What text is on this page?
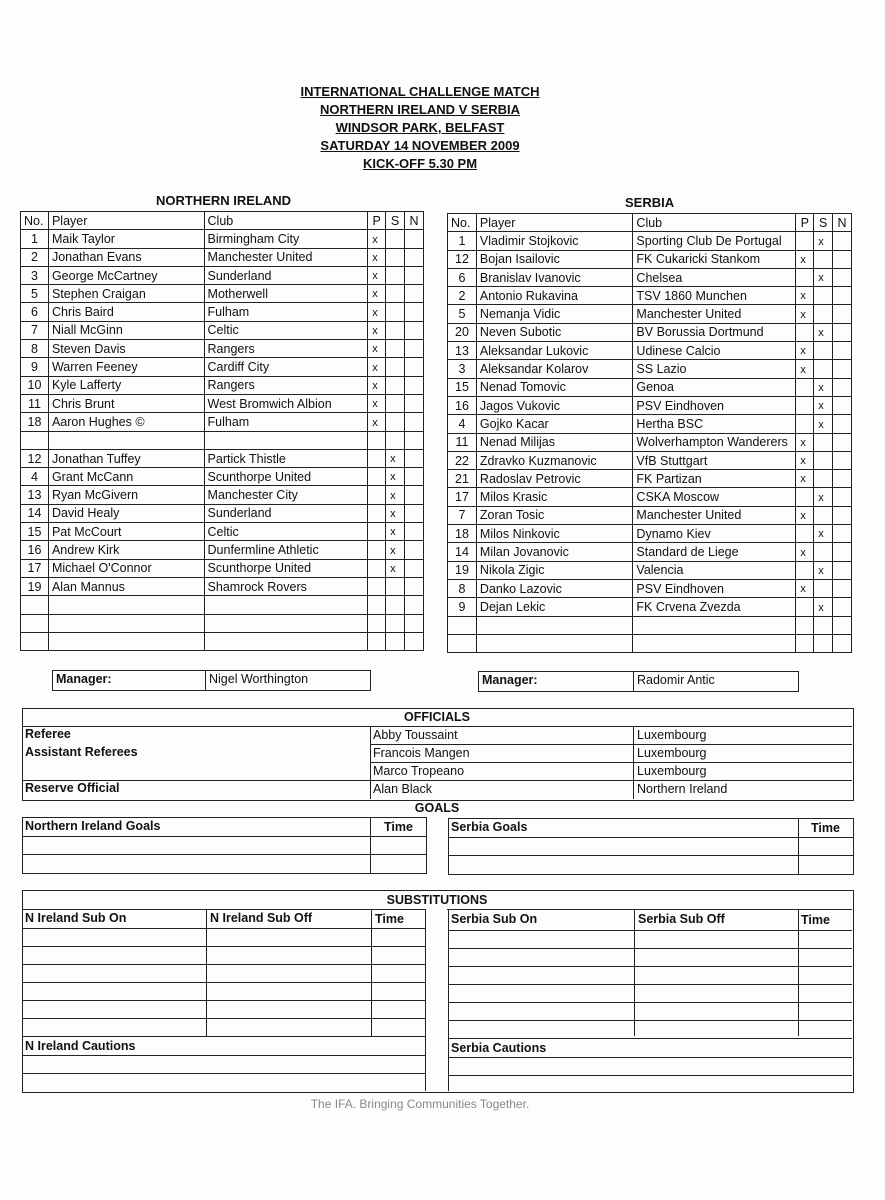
INTERNATIONAL CHALLENGE MATCH
NORTHERN IRELAND V SERBIA
WINDSOR PARK, BELFAST
SATURDAY 14 NOVEMBER 2009
KICK-OFF 5.30 PM
NORTHERN IRELAND	SERBIA
No.	Player	Club	P	S	N
1	Maik Taylor	Birmingham City	x		
2	Jonathan Evans	Manchester United	x		
3	George McCartney	Sunderland	x		
5	Stephen Craigan	Motherwell	x		
6	Chris Baird	Fulham	x		
7	Niall McGinn	Celtic	x		
8	Steven Davis	Rangers	x		
9	Warren Feeney	Cardiff City	x		
10	Kyle Lafferty	Rangers	x		
11	Chris Brunt	West Bromwich Albion	x		
18	Aaron Hughes ©	Fulham	x		

12	Jonathan Tuffey	Partick Thistle		x	
4	Grant McCann	Scunthorpe United		x	
13	Ryan McGivern	Manchester City		x	
14	David Healy	Sunderland		x	
15	Pat McCourt	Celtic		x	
16	Andrew Kirk	Dunfermline Athletic		x	
17	Michael O'Connor	Scunthorpe United		x	
19	Alan Mannus	Shamrock Rovers			

No.	Player	Club	P	S	N
1	Vladimir Stojkovic	Sporting Club De Portugal		x	
12	Bojan Isailovic	FK Cukaricki Stankom	x		
6	Branislav Ivanovic	Chelsea		x	
2	Antonio Rukavina	TSV 1860 Munchen	x		
5	Nemanja Vidic	Manchester United	x		
20	Neven Subotic	BV Borussia Dortmund		x	
13	Aleksandar Lukovic	Udinese Calcio	x		
3	Aleksandar Kolarov	SS Lazio	x		
15	Nenad Tomovic	Genoa		x	
16	Jagos Vukovic	PSV Eindhoven		x	
4	Gojko Kacar	Hertha BSC		x	
11	Nenad Milijas	Wolverhampton Wanderers	x		
22	Zdravko Kuzmanovic	VfB Stuttgart	x		
21	Radoslav Petrovic	FK Partizan	x		
17	Milos Krasic	CSKA Moscow		x	
7	Zoran Tosic	Manchester United	x		
18	Milos Ninkovic	Dynamo Kiev		x	
14	Milan Jovanovic	Standard de Liege	x		
19	Nikola Zigic	Valencia		x	
8	Danko Lazovic	PSV Eindhoven	x		
9	Dejan Lekic	FK Crvena Zvezda		x	

Manager:	Nigel Worthington	Manager:	Radomir Antic
OFFICIALS
Referee	Abby Toussaint	Luxembourg
Assistant Referees	Francois Mangen	Luxembourg
Marco Tropeano	Luxembourg
Reserve Official	Alan Black	Northern Ireland
GOALS
Northern Ireland Goals	Time	Serbia Goals	Time
SUBSTITUTIONS
N Ireland Sub On	N Ireland Sub Off	Time	Serbia Sub On	Serbia Sub Off	Time
N Ireland Cautions	Serbia Cautions
The IFA. Bringing Communities Together.
